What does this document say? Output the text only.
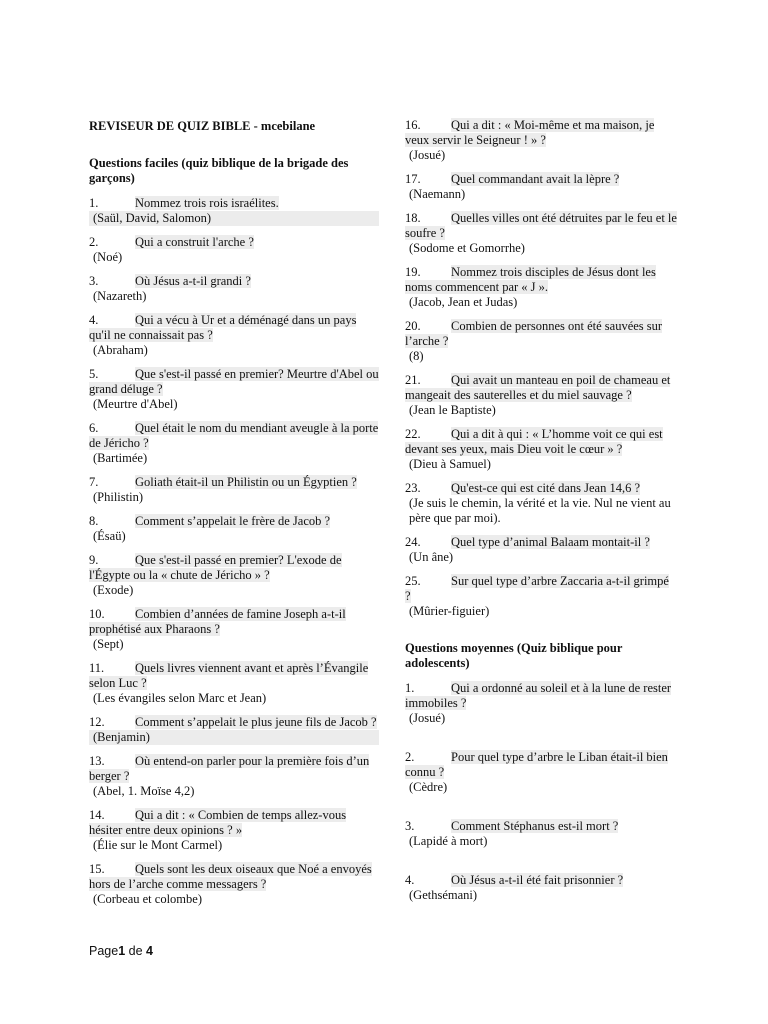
REVISEUR DE QUIZ BIBLE - mcebilane
Questions faciles (quiz biblique de la brigade des garçons)
1.	Nommez trois rois israélites.
(Saül, David, Salomon)
2.	Qui a construit l'arche ?
(Noé)
3.	Où Jésus a-t-il grandi ?
(Nazareth)
4.	Qui a vécu à Ur et a déménagé dans un pays qu'il ne connaissait pas ?
(Abraham)
5.	Que s'est-il passé en premier? Meurtre d'Abel ou grand déluge ?
(Meurtre d'Abel)
6.	Quel était le nom du mendiant aveugle à la porte de Jéricho ?
(Bartimée)
7.	Goliath était-il un Philistin ou un Égyptien ?
(Philistin)
8.	Comment s’appelait le frère de Jacob ?
(Ésaü)
9.	Que s'est-il passé en premier? L'exode de l'Égypte ou la « chute de Jéricho » ?
(Exode)
10. Combien d’années de famine Joseph a-t-il prophétisé aux Pharaons ?
(Sept)
11. Quels livres viennent avant et après l’Évangile selon Luc ?
(Les évangiles selon Marc et Jean)
12. Comment s’appelait le plus jeune fils de Jacob ?
(Benjamin)
13. Où entend-on parler pour la première fois d’un berger ?
(Abel, 1. Moïse 4,2)
14. Qui a dit : « Combien de temps allez-vous hésiter entre deux opinions ? »
(Élie sur le Mont Carmel)
15. Quels sont les deux oiseaux que Noé a envoyés hors de l’arche comme messagers ?
(Corbeau et colombe)
16. Qui a dit : « Moi-même et ma maison, je veux servir le Seigneur ! » ?
(Josué)
17. Quel commandant avait la lèpre ?
(Naemann)
18. Quelles villes ont été détruites par le feu et le soufre ?
(Sodome et Gomorrhe)
19. Nommez trois disciples de Jésus dont les noms commencent par « J ».
(Jacob, Jean et Judas)
20. Combien de personnes ont été sauvées sur l’arche ?
(8)
21. Qui avait un manteau en poil de chameau et mangeait des sauterelles et du miel sauvage ?
(Jean le Baptiste)
22. Qui a dit à qui : « L’homme voit ce qui est devant ses yeux, mais Dieu voit le cœur » ?
(Dieu à Samuel)
23. Qu'est-ce qui est cité dans Jean 14,6 ?
(Je suis le chemin, la vérité et la vie. Nul ne vient au père que par moi).
24. Quel type d’animal Balaam montait-il ?
(Un âne)
25. Sur quel type d’arbre Zaccaria a-t-il grimpé ?
(Mûrier-figuier)
Questions moyennes (Quiz biblique pour adolescents)
1.	Qui a ordonné au soleil et à la lune de rester immobiles ?
(Josué)
2.	Pour quel type d’arbre le Liban était-il bien connu ?
(Cèdre)
3.	Comment Stéphanus est-il mort ?
(Lapidé à mort)
4.	Où Jésus a-t-il été fait prisonnier ?
(Gethsémani)
Page1 de 4
